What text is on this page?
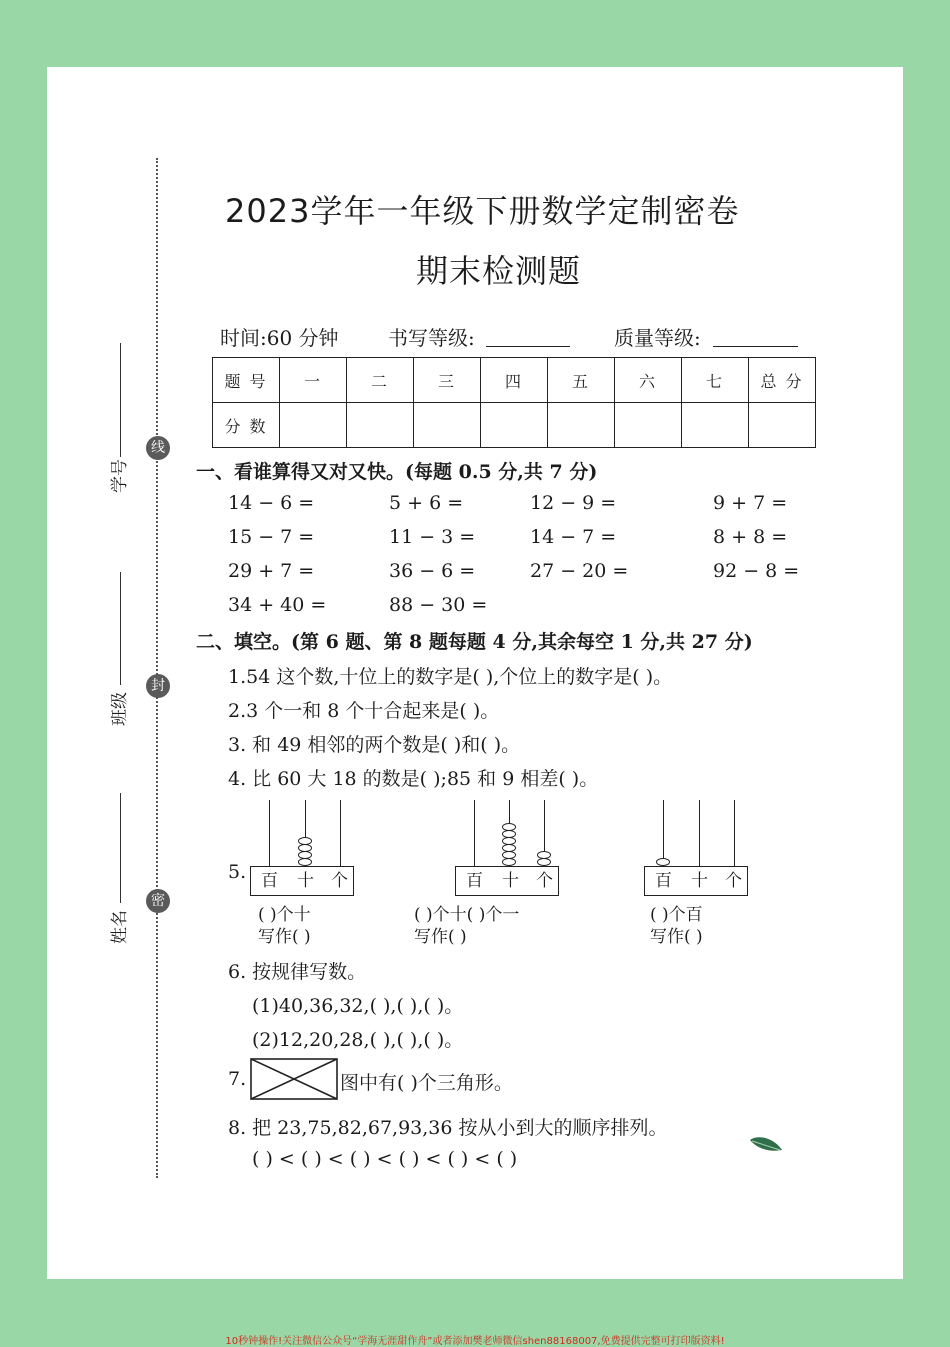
线
封
密
学号
班级
姓名
2023学年一年级下册数学定制密卷
期末检测题
时间:60 分钟 书写等级:	质量等级:
题 号	一	二	三	四	五	六	七	总 分
分 数								
一、看谁算得又对又快。(每题 0.5 分,共 7 分)
14 − 6 =	5 + 6 =	12 − 9 =	9 + 7 =
15 − 7 =	11 − 3 =	14 − 7 =	8 + 8 =
29 + 7 =	36 − 6 =	27 − 20 =	92 − 8 =
34 + 40 =	88 − 30 =
二、填空。(第 6 题、第 8 题每题 4 分,其余每空 1 分,共 27 分)
1.54 这个数,十位上的数字是( ),个位上的数字是( )。
2.3 个一和 8 个十合起来是( )。
3. 和 49 相邻的两个数是( )和( )。
4. 比 60 大 18 的数是( );85 和 9 相差( )。
5. 百 十 个
( )个十
写作( )
百 十 个
( )个十( )个一
写作( )
百 十 个
( )个百
写作( )
6. 按规律写数。
(1)40,36,32,( ),( ),( )。
(2)12,20,28,( ),( ),( )。
7.	图中有( )个三角形。
8. 把 23,75,82,67,93,36 按从小到大的顺序排列。
( ) < ( ) < ( ) < ( ) < ( ) < ( )
10秒钟操作!关注微信公众号“学海无涯甜作舟”或者添加樊老师微信shen88168007,免费提供完整可打印版资料!
